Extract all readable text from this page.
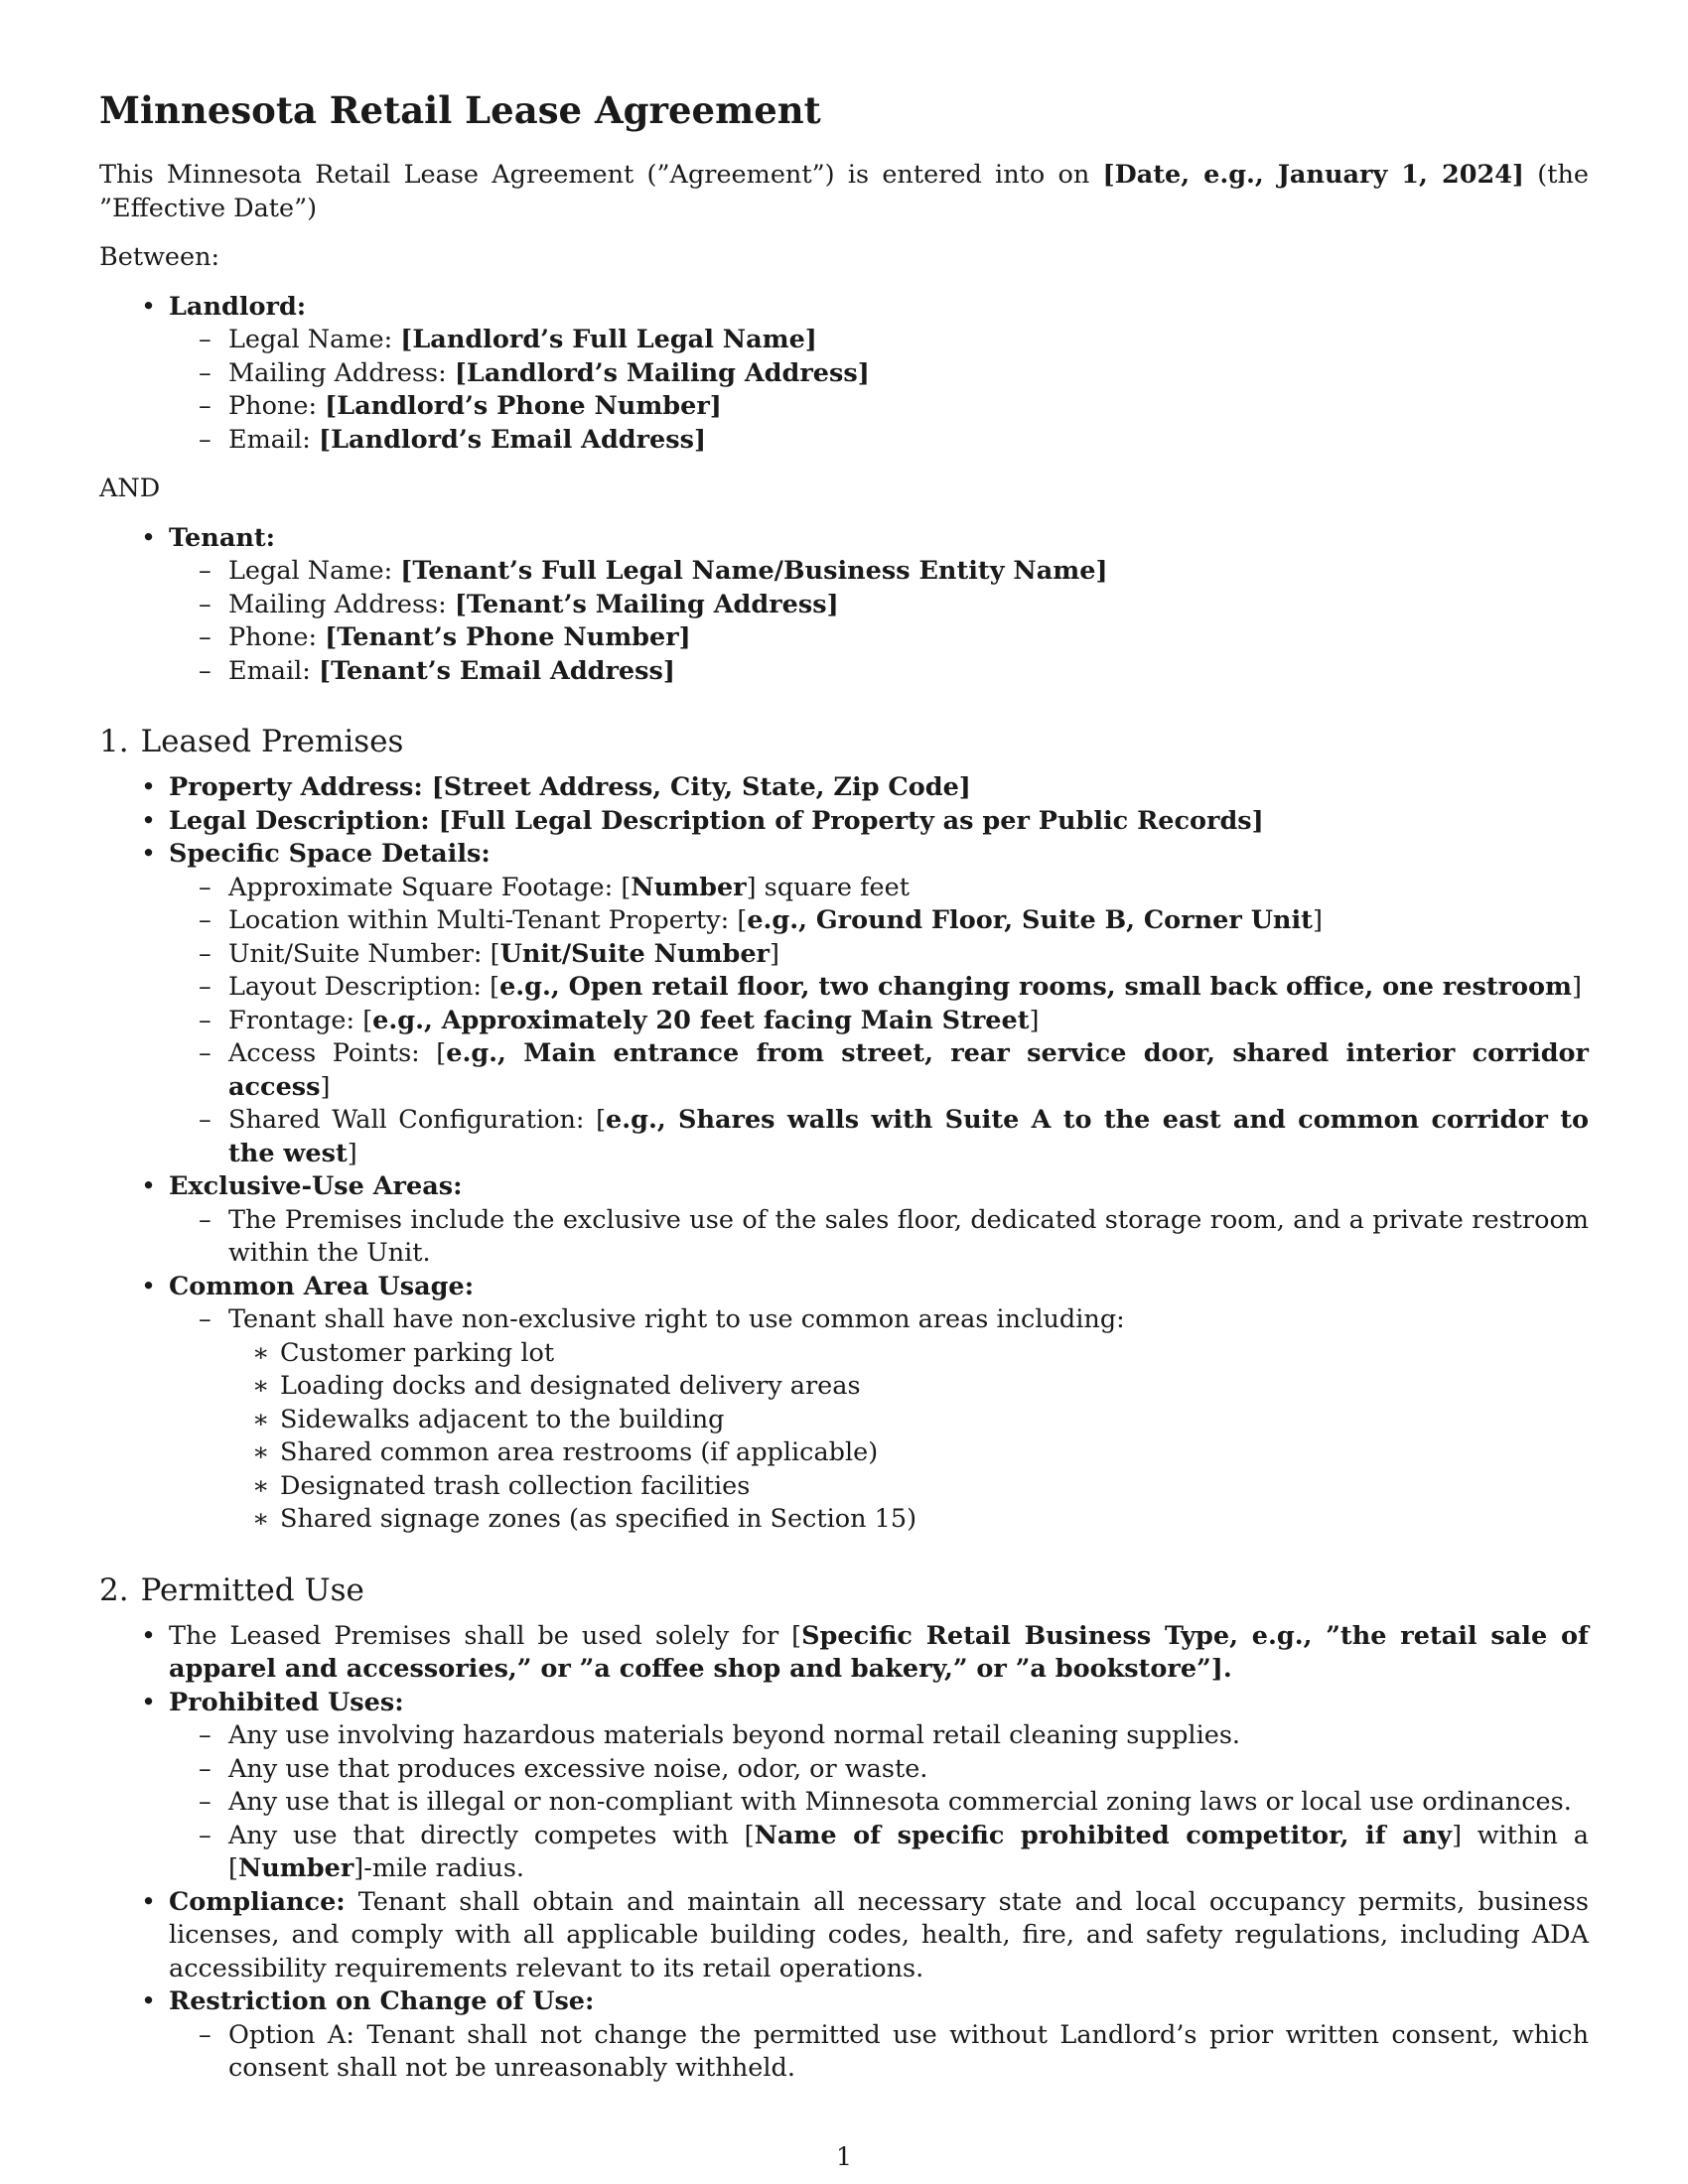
Minnesota Retail Lease Agreement

This Minnesota Retail Lease Agreement (”Agreement”) is entered into on [Date, e.g., January 1, 2024] (the ”Effective Date”)

Between:

• Landlord:
– Legal Name: [Landlord’s Full Legal Name]
– Mailing Address: [Landlord’s Mailing Address]
– Phone: [Landlord’s Phone Number]
– Email: [Landlord’s Email Address]

AND

• Tenant:
– Legal Name: [Tenant’s Full Legal Name/Business Entity Name]
– Mailing Address: [Tenant’s Mailing Address]
– Phone: [Tenant’s Phone Number]
– Email: [Tenant’s Email Address]
1. Leased Premises
• Property Address: [Street Address, City, State, Zip Code]
• Legal Description: [Full Legal Description of Property as per Public Records]
• Specific Space Details:
– Approximate Square Footage: [Number] square feet
– Location within Multi-Tenant Property: [e.g., Ground Floor, Suite B, Corner Unit]
– Unit/Suite Number: [Unit/Suite Number]
– Layout Description: [e.g., Open retail floor, two changing rooms, small back office, one restroom]
– Frontage: [e.g., Approximately 20 feet facing Main Street]
– Access Points: [e.g., Main entrance from street, rear service door, shared interior corridor access]
– Shared Wall Configuration: [e.g., Shares walls with Suite A to the east and common corridor to the west]
• Exclusive-Use Areas:
– The Premises include the exclusive use of the sales floor, dedicated storage room, and a private restroom within the Unit.
• Common Area Usage:
– Tenant shall have non-exclusive right to use common areas including:
∗ Customer parking lot
∗ Loading docks and designated delivery areas
∗ Sidewalks adjacent to the building
∗ Shared common area restrooms (if applicable)
∗ Designated trash collection facilities
∗ Shared signage zones (as specified in Section 15)
2. Permitted Use
• The Leased Premises shall be used solely for [Specific Retail Business Type, e.g., ”the retail sale of apparel and accessories,” or ”a coffee shop and bakery,” or ”a bookstore”].
• Prohibited Uses:
– Any use involving hazardous materials beyond normal retail cleaning supplies.
– Any use that produces excessive noise, odor, or waste.
– Any use that is illegal or non-compliant with Minnesota commercial zoning laws or local use ordinances.
– Any use that directly competes with [Name of specific prohibited competitor, if any] within a [Number]-mile radius.
• Compliance: Tenant shall obtain and maintain all necessary state and local occupancy permits, business licenses, and comply with all applicable building codes, health, fire, and safety regulations, including ADA accessibility requirements relevant to its retail operations.
• Restriction on Change of Use:
– Option A: Tenant shall not change the permitted use without Landlord’s prior written consent, which consent shall not be unreasonably withheld.
1
